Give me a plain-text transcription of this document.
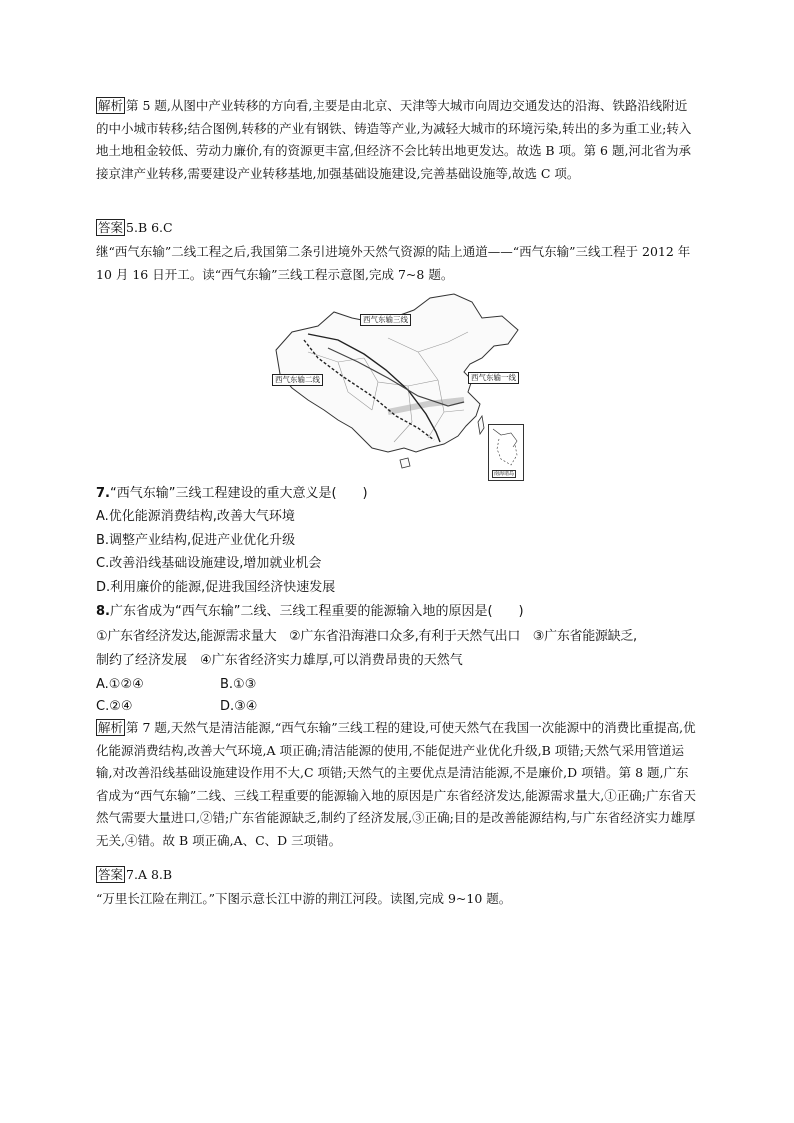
解析 第 5 题,从图中产业转移的方向看,主要是由北京、天津等大城市向周边交通发达的沿海、铁路沿线附近的中小城市转移;结合图例,转移的产业有钢铁、铸造等产业,为减轻大城市的环境污染,转出的多为重工业;转入地土地租金较低、劳动力廉价,有的资源更丰富,但经济不会比转出地更发达。故选 B 项。第 6 题,河北省为承接京津产业转移,需要建设产业转移基地,加强基础设施建设,完善基础设施等,故选 C 项。
答案 5.B 6.C
继“西气东输”二线工程之后,我国第二条引进境外天然气资源的陆上通道——“西气东输”三线工程于 2012 年 10 月 16 日开工。读“西气东输”三线工程示意图,完成 7~8 题。
西气东输三线
西气东输二线	西气东输一线
南海诸岛
7.“西气东输”三线工程建设的重大意义是(　　)
A.优化能源消费结构,改善大气环境
B.调整产业结构,促进产业优化升级
C.改善沿线基础设施建设,增加就业机会
D.利用廉价的能源,促进我国经济快速发展
8.广东省成为“西气东输”二线、三线工程重要的能源输入地的原因是(　　)
①广东省经济发达,能源需求量大　②广东省沿海港口众多,有利于天然气出口　③广东省能源缺乏,
制约了经济发展　④广东省经济实力雄厚,可以消费昂贵的天然气
A.①②④	B.①③
C.②④	D.③④
解析 第 7 题,天然气是清洁能源,“西气东输”三线工程的建设,可使天然气在我国一次能源中的消费比重提高,优化能源消费结构,改善大气环境,A 项正确;清洁能源的使用,不能促进产业优化升级,B 项错;天然气采用管道运输,对改善沿线基础设施建设作用不大,C 项错;天然气的主要优点是清洁能源,不是廉价,D 项错。第 8 题,广东省成为“西气东输”二线、三线工程重要的能源输入地的原因是广东省经济发达,能源需求量大,①正确;广东省天然气需要大量进口,②错;广东省能源缺乏,制约了经济发展,③正确;目的是改善能源结构,与广东省经济实力雄厚无关,④错。故 B 项正确,A、C、D 三项错。
答案 7.A 8.B
“万里长江险在荆江。”下图示意长江中游的荆江河段。读图,完成 9~10 题。
